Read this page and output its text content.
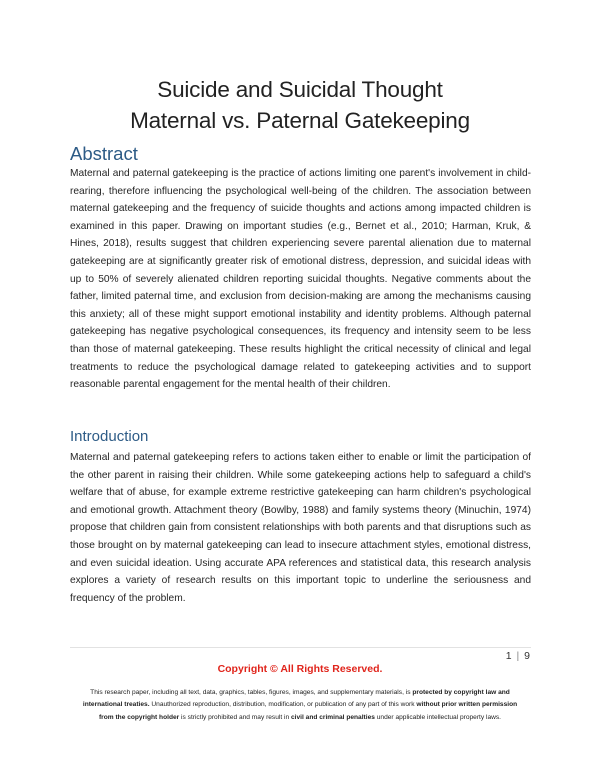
Suicide and Suicidal Thought
Maternal vs. Paternal Gatekeeping
Abstract
Maternal and paternal gatekeeping is the practice of actions limiting one parent's involvement in child-rearing, therefore influencing the psychological well-being of the children. The association between maternal gatekeeping and the frequency of suicide thoughts and actions among impacted children is examined in this paper. Drawing on important studies (e.g., Bernet et al., 2010; Harman, Kruk, & Hines, 2018), results suggest that children experiencing severe parental alienation due to maternal gatekeeping are at significantly greater risk of emotional distress, depression, and suicidal ideas with up to 50% of severely alienated children reporting suicidal thoughts. Negative comments about the father, limited paternal time, and exclusion from decision-making are among the mechanisms causing this anxiety; all of these might support emotional instability and identity problems. Although paternal gatekeeping has negative psychological consequences, its frequency and intensity seem to be less than those of maternal gatekeeping. These results highlight the critical necessity of clinical and legal treatments to reduce the psychological damage related to gatekeeping activities and to support reasonable parental engagement for the mental health of their children.
Introduction
Maternal and paternal gatekeeping refers to actions taken either to enable or limit the participation of the other parent in raising their children. While some gatekeeping actions help to safeguard a child's welfare that of abuse, for example extreme restrictive gatekeeping can harm children's psychological and emotional growth. Attachment theory (Bowlby, 1988) and family systems theory (Minuchin, 1974) propose that children gain from consistent relationships with both parents and that disruptions such as those brought on by maternal gatekeeping can lead to insecure attachment styles, emotional distress, and even suicidal ideation. Using accurate APA references and statistical data, this research analysis explores a variety of research results on this important topic to underline the seriousness and frequency of the problem.
1 | 9
Copyright © All Rights Reserved.
This research paper, including all text, data, graphics, tables, figures, images, and supplementary materials, is protected by copyright law and international treaties. Unauthorized reproduction, distribution, modification, or publication of any part of this work without prior written permission from the copyright holder is strictly prohibited and may result in civil and criminal penalties under applicable intellectual property laws.
